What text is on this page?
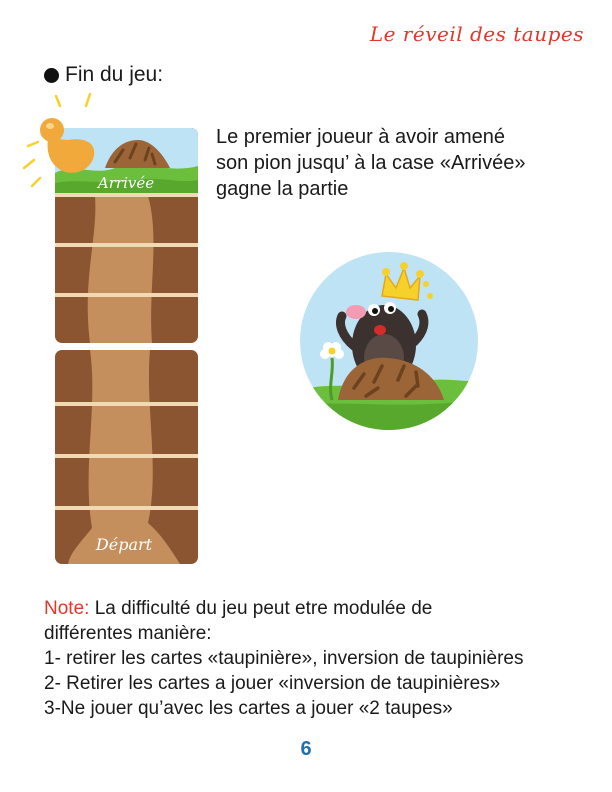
Le réveil des taupes
Fin du jeu:
Le premier joueur à avoir amené
son pion jusqu’ à la case «Arrivée»
gagne la partie
Arrivée
Départ

Note: La difficulté du jeu peut etre modulée de

différentes manière:

1- retirer les cartes «taupinière», inversion de taupinières

2- Retirer les cartes a jouer «inversion de taupinières»

3-Ne jouer qu’avec les cartes a jouer «2 taupes»

6
